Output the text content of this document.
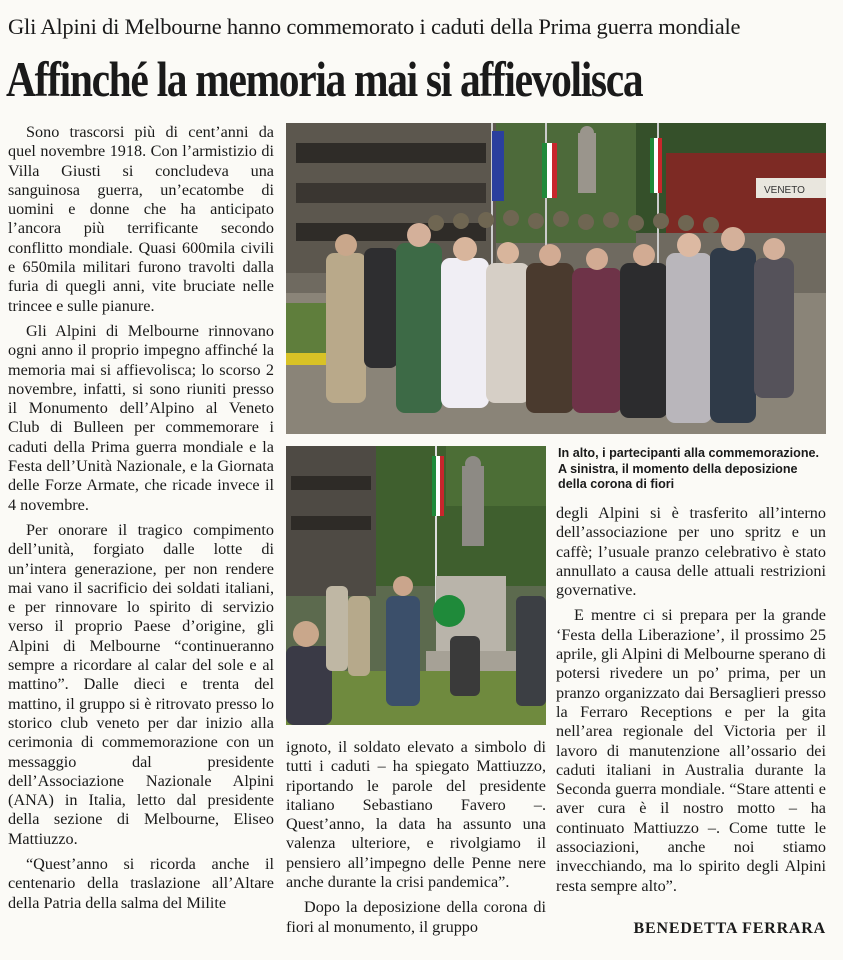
Gli Alpini di Melbourne hanno commemorato i caduti della Prima guerra mondiale
Affinché la memoria mai si affievolisca

Sono trascorsi più di cent’anni da quel novembre 1918. Con l’armistizio di Villa Giusti si concludeva una sanguinosa guerra, un’ecatombe di uomini e donne che ha anticipato l’ancora più terrificante secondo conflitto mondiale. Quasi 600mila civili e 650mila militari furono travolti dalla furia di quegli anni, vite bruciate nelle trincee e sulle pianure.

Gli Alpini di Melbourne rinnovano ogni anno il proprio impegno affinché la memoria mai si affievolisca; lo scorso 2 novembre, infatti, si sono riuniti presso il Monumento dell’Alpino al Veneto Club di Bulleen per commemorare i caduti della Prima guerra mondiale e la Festa dell’Unità Nazionale, e la Giornata delle Forze Armate, che ricade invece il 4 novembre.

Per onorare il tragico compimento dell’unità, forgiato dalle lotte di un’intera generazione, per non rendere mai vano il sacrificio dei soldati italiani, e per rinnovare lo spirito di servizio verso il proprio Paese d’origine, gli Alpini di Melbourne “continueranno sempre a ricordare al calar del sole e al mattino”. Dalle dieci e trenta del mattino, il gruppo si è ritrovato presso lo storico club veneto per dar inizio alla cerimonia di commemorazione con un messaggio dal presidente dell’Associazione Nazionale Alpini (ANA) in Italia, letto dal presidente della sezione di Melbourne, Eliseo Mattiuzzo.

“Quest’anno si ricorda anche il centenario della traslazione all’Altare della Patria della salma del Milite

VENETO
In alto, i partecipanti alla commemorazione. A sinistra, il momento della deposizione della corona di fiori

ignoto, il soldato elevato a simbolo di tutti i caduti – ha spiegato Mattiuzzo, riportando le parole del presidente italiano Sebastiano Favero –. Quest’anno, la data ha assunto una valenza ulteriore, e rivolgiamo il pensiero all’impegno delle Penne nere anche durante la crisi pandemica”.

Dopo la deposizione della corona di fiori al monumento, il gruppo

degli Alpini si è trasferito all’interno dell’associazione per uno spritz e un caffè; l’usuale pranzo celebrativo è stato annullato a causa delle attuali restrizioni governative.

E mentre ci si prepara per la grande ‘Festa della Liberazione’, il prossimo 25 aprile, gli Alpini di Melbourne sperano di potersi rivedere un po’ prima, per un pranzo organizzato dai Bersaglieri presso la Ferraro Receptions e per la gita nell’area regionale del Victoria per il lavoro di manutenzione all’ossario dei caduti italiani in Australia durante la Seconda guerra mondiale. “Stare attenti e aver cura è il nostro motto – ha continuato Mattiuzzo –. Come tutte le associazioni, anche noi stiamo invecchiando, ma lo spirito degli Alpini resta sempre alto”.

BENEDETTA FERRARA
